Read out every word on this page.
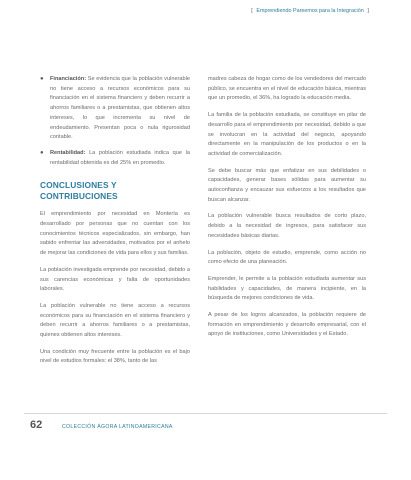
[ Emprendiendo Pareemos para la Integración ]

● Financiación: Se evidencia que la población vulnerable no tiene acceso a recursos económicos para su financiación en el sistema financiero y deben recurrir a ahorros familiares o a prestamistas, que obtienen altos intereses, lo que incrementa su nivel de endeudamiento. Presentan poca o nula rigurosidad contable.

● Rentabilidad: La población estudiada indica que la rentabilidad obtenida es del 25% en promedio.

CONCLUSIONES Y CONTRIBUCIONES

El emprendimiento por necesidad en Montería es desarrollado por personas que no cuentan con los conocimientos técnicos especializados, sin embargo, han sabido enfrentar las adversidades, motivados por el anhelo de mejorar las condiciones de vida para ellos y sus familias.

La población investigada emprende por necesidad, debido a sus carencias económicas y falta de oportunidades laborales.

La población vulnerable no tiene acceso a recursos económicos para su financiación en el sistema financiero y deben recurrir a ahorros familiares o a prestamistas, quienes obtienen altos intereses.

Una condición muy frecuente entre la población es el bajo nivel de estudios formales: el 38%, tanto de las

madres cabeza de hogar como de los vendedores del mercado público, se encuentra en el nivel de educación básica, mientras que un promedio, el 36%, ha logrado la educación media.

La familia de la población estudiada, se constituye en pilar de desarrollo para el emprendimiento por necesidad, debido a que se involucran en la actividad del negocio, apoyando directamente en la manipulación de los productos o en la actividad de comercialización.

Se debe buscar más que enfatizar en sus debilidades o capacidades, generar bases sólidas para aumentar su autoconfianza y encauzar sus esfuerzos a los resultados que buscan alcanzar.

La población vulnerable busca resultados de corto plazo, debido a la necesidad de ingresos, para satisfacer sus necesidades básicas diarias.

La población, objeto de estudio, emprende, como acción no como efecto de una planeación.

Emprender, le permite a la población estudiada aumentar sus habilidades y capacidades, de manera incipiente, en la búsqueda de mejores condiciones de vida.

A pesar de los logros alcanzados, la población requiere de formación en emprendimiento y desarrollo empresarial, con el apoyo de instituciones, como Universidades y el Estado.

62	COLECCIÓN ÁGORA LATINOAMERICANA
